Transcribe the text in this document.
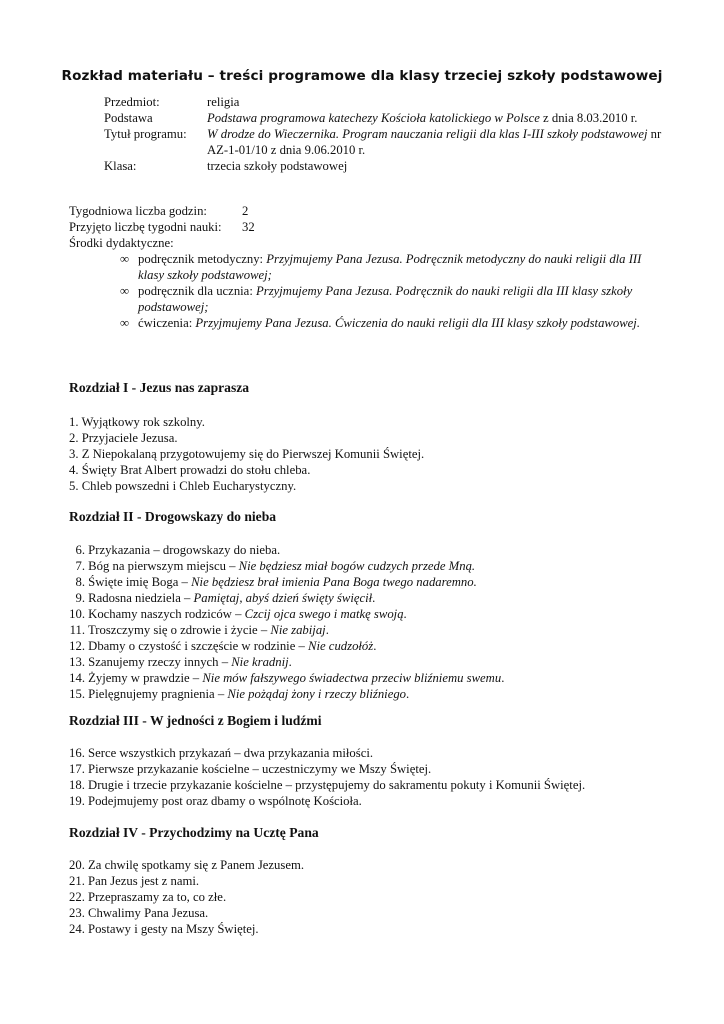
Rozkład materiału – treści programowe dla klasy trzeciej szkoły podstawowej
Przedmiot:	religia
Podstawa	Podstawa programowa katechezy Kościoła katolickiego w Polsce z dnia 8.03.2010 r.
Tytuł programu:	W drodze do Wieczernika. Program nauczania religii dla klas I-III szkoły podstawowej nr AZ-1-01/10 z dnia 9.06.2010 r.
Klasa:	trzecia szkoły podstawowej
Tygodniowa liczba godzin:	2
Przyjęto liczbę tygodni nauki:	32
Środki dydaktyczne:
∞ podręcznik metodyczny: Przyjmujemy Pana Jezusa. Podręcznik metodyczny do nauki religii dla III klasy szkoły podstawowej;
∞ podręcznik dla ucznia: Przyjmujemy Pana Jezusa. Podręcznik do nauki religii dla III klasy szkoły podstawowej;
∞ ćwiczenia: Przyjmujemy Pana Jezusa. Ćwiczenia do nauki religii dla III klasy szkoły podstawowej.
Rozdział I - Jezus nas zaprasza
1. Wyjątkowy rok szkolny.
2. Przyjaciele Jezusa.
3. Z Niepokalaną przygotowujemy się do Pierwszej Komunii Świętej.
4. Święty Brat Albert prowadzi do stołu chleba.
5. Chleb powszedni i Chleb Eucharystyczny.
Rozdział II - Drogowskazy do nieba
6. Przykazania – drogowskazy do nieba.
7. Bóg na pierwszym miejscu – Nie będziesz miał bogów cudzych przede Mną.
8. Święte imię Boga – Nie będziesz brał imienia Pana Boga twego nadaremno.
9. Radosna niedziela – Pamiętaj, abyś dzień święty święcił.
10. Kochamy naszych rodziców – Czcij ojca swego i matkę swoją.
11. Troszczymy się o zdrowie i życie – Nie zabijaj.
12. Dbamy o czystość i szczęście w rodzinie – Nie cudzołóż.
13. Szanujemy rzeczy innych – Nie kradnij.
14. Żyjemy w prawdzie – Nie mów fałszywego świadectwa przeciw bliźniemu swemu.
15. Pielęgnujemy pragnienia – Nie pożądaj żony i rzeczy bliźniego.
Rozdział III - W jedności z Bogiem i ludźmi
16. Serce wszystkich przykazań – dwa przykazania miłości.
17. Pierwsze przykazanie kościelne – uczestniczymy we Mszy Świętej.
18. Drugie i trzecie przykazanie kościelne – przystępujemy do sakramentu pokuty i Komunii Świętej.
19. Podejmujemy post oraz dbamy o wspólnotę Kościoła.
Rozdział IV - Przychodzimy na Ucztę Pana
20. Za chwilę spotkamy się z Panem Jezusem.
21. Pan Jezus jest z nami.
22. Przepraszamy za to, co złe.
23. Chwalimy Pana Jezusa.
24. Postawy i gesty na Mszy Świętej.
